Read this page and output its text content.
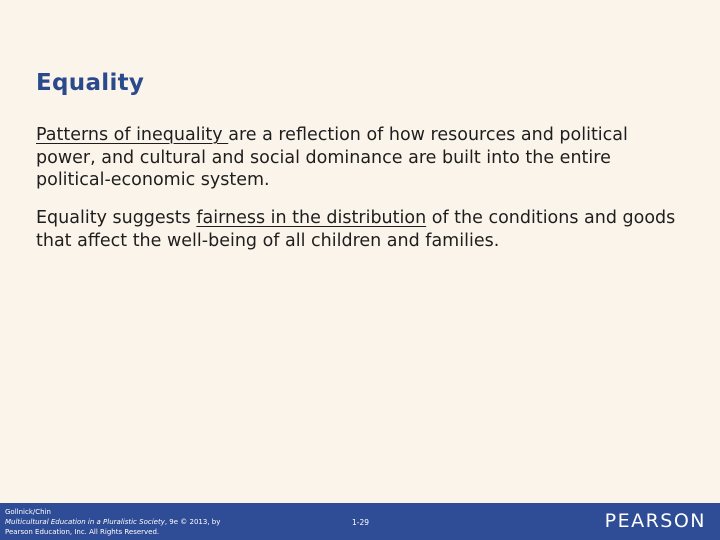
Equality

Patterns of inequality are a reflection of how resources and political power, and cultural and social dominance are built into the entire political-economic system.

Equality suggests fairness in the distribution of the conditions and goods that affect the well-being of all children and families.

Gollnick/Chin
Multicultural Education in a Pluralistic Society, 9e © 2013, by
Pearson Education, Inc. All Rights Reserved.
1-29	PEARSON
